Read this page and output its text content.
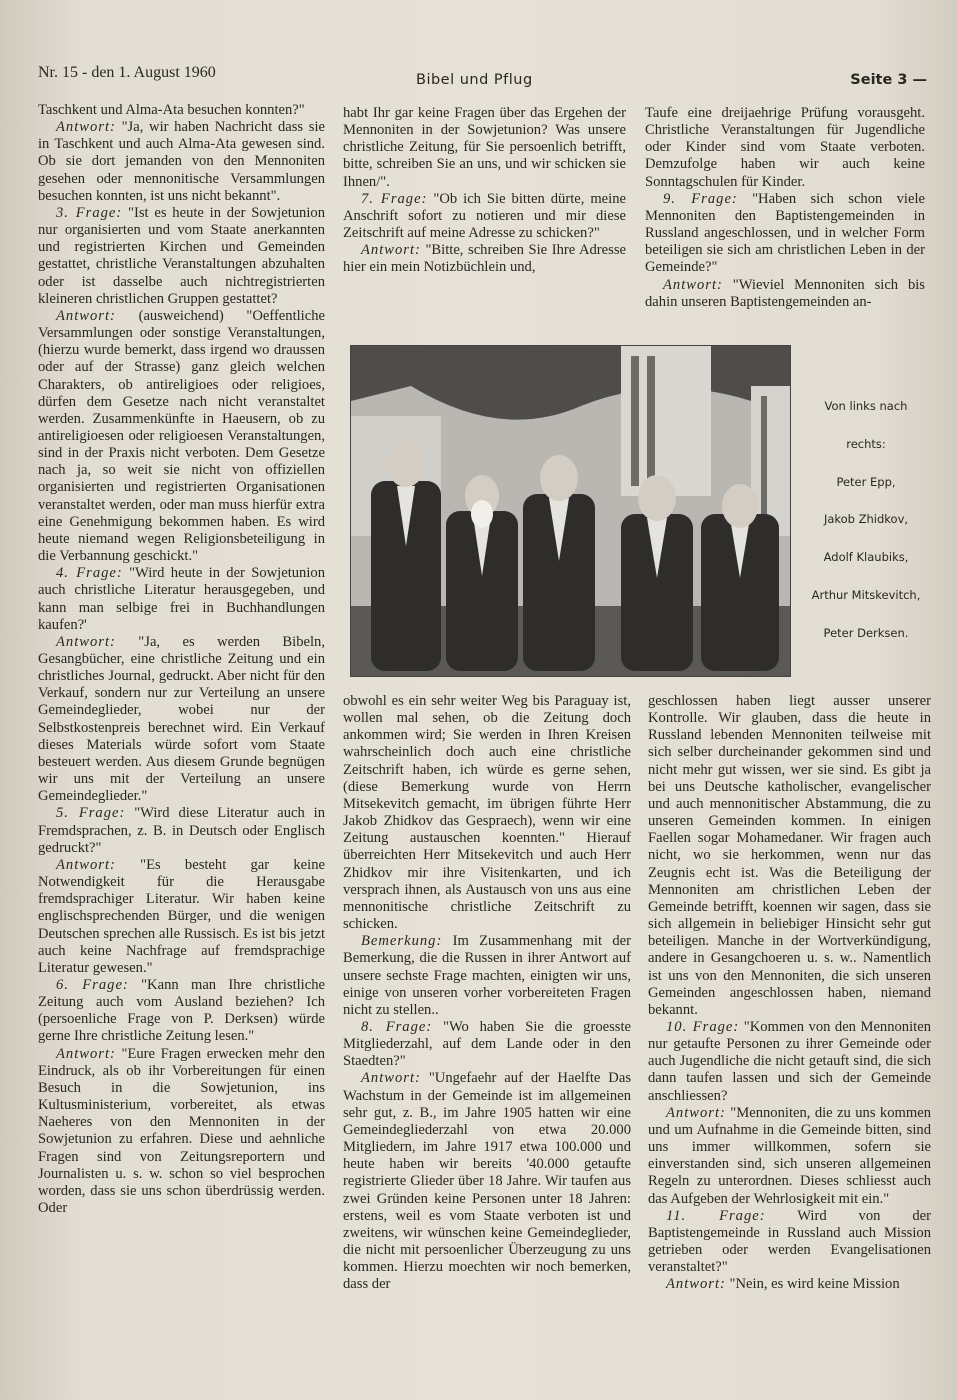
Nr. 15 - den 1. August 1960	Bibel und Pflug	Seite 3 —

Taschkent und Alma-Ata besuchen konnten?"

Antwort: "Ja, wir haben Nachricht dass sie in Taschkent und auch Alma-Ata gewesen sind. Ob sie dort jemanden von den Mennoniten gesehen oder mennonitische Versammlungen besuchen konnten, ist uns nicht bekannt".

3. Frage: "Ist es heute in der Sowjetunion nur organisierten und vom Staate anerkannten und registrierten Kirchen und Gemeinden gestattet, christliche Veranstaltungen abzuhalten oder ist dasselbe auch nichtregistrierten kleineren christlichen Gruppen gestattet?

Antwort: (ausweichend) "Oeffentliche Versammlungen oder sonstige Veranstaltungen, (hierzu wurde bemerkt, dass irgend wo draussen oder auf der Strasse) ganz gleich welchen Charakters, ob antireligioes oder religioes, dürfen dem Gesetze nach nicht veranstaltet werden. Zusammenkünfte in Haeusern, ob zu antireligioesen oder religioesen Veranstaltungen, sind in der Praxis nicht verboten. Dem Gesetze nach ja, so weit sie nicht von offiziellen organisierten und registrierten Organisationen veranstaltet werden, oder man muss hierfür extra eine Genehmigung bekommen haben. Es wird heute niemand wegen Religionsbeteiligung in die Verbannung geschickt."

4. Frage: "Wird heute in der Sowjetunion auch christliche Literatur herausgegeben, und kann man selbige frei in Buchhandlungen kaufen?'

Antwort: "Ja, es werden Bibeln, Gesangbücher, eine christliche Zeitung und ein christliches Journal, gedruckt. Aber nicht für den Verkauf, sondern nur zur Verteilung an unsere Gemeindeglieder, wobei nur der Selbstkostenpreis berechnet wird. Ein Verkauf dieses Materials würde sofort vom Staate besteuert werden. Aus diesem Grunde begnügen wir uns mit der Verteilung an unsere Gemeindeglieder."

5. Frage: "Wird diese Literatur auch in Fremdsprachen, z. B. in Deutsch oder Englisch gedruckt?"

Antwort: "Es besteht gar keine Notwendigkeit für die Herausgabe fremdsprachiger Literatur. Wir haben keine englischsprechenden Bürger, und die wenigen Deutschen sprechen alle Russisch. Es ist bis jetzt auch keine Nachfrage auf fremdsprachige Literatur gewesen."

6. Frage: "Kann man Ihre christliche Zeitung auch vom Ausland beziehen? Ich (persoenliche Frage von P. Derksen) würde gerne Ihre christliche Zeitung lesen."

Antwort: "Eure Fragen erwecken mehr den Eindruck, als ob ihr Vorbereitungen für einen Besuch in die Sowjetunion, ins Kultusministerium, vorbereitet, als etwas Naeheres von den Mennoniten in der Sowjetunion zu erfahren. Diese und aehnliche Fragen sind von Zeitungsreportern und Journalisten u. s. w. schon so viel besprochen worden, dass sie uns schon überdrüssig werden. Oder

habt Ihr gar keine Fragen über das Ergehen der Mennoniten in der Sowjetunion? Was unsere christliche Zeitung, für Sie persoenlich betrifft, bitte, schreiben Sie an uns, und wir schicken sie Ihnen/".

7. Frage: "Ob ich Sie bitten dürte, meine Anschrift sofort zu notieren und mir diese Zeitschrift auf meine Adresse zu schicken?"

Antwort: "Bitte, schreiben Sie Ihre Adresse hier ein mein Notizbüchlein und,

Taufe eine dreijaehrige Prüfung vorausgeht. Christliche Veranstaltungen für Jugendliche oder Kinder sind vom Staate verboten. Demzufolge haben wir auch keine Sonntagschulen für Kinder.

9. Frage: "Haben sich schon viele Mennoniten den Baptistengemeinden in Russland angeschlossen, und in welcher Form beteiligen sie sich am christlichen Leben in der Gemeinde?"

Antwort: "Wieviel Mennoniten sich bis dahin unseren Baptistengemeinden an-

Von links nach
rechts:
Peter Epp,
Jakob Zhidkov,
Adolf Klaubiks,
Arthur Mitskevitch,
Peter Derksen.

obwohl es ein sehr weiter Weg bis Paraguay ist, wollen mal sehen, ob die Zeitung doch ankommen wird; Sie werden in Ihren Kreisen wahrscheinlich doch auch eine christliche Zeitschrift haben, ich würde es gerne sehen, (diese Bemerkung wurde von Herrn Mitsekevitch gemacht, im übrigen führte Herr Jakob Zhidkov das Gespraech), wenn wir eine Zeitung austauschen koennten." Hierauf überreichten Herr Mitsekevitch und auch Herr Zhidkov mir ihre Visitenkarten, und ich versprach ihnen, als Austausch von uns aus eine mennonitische christliche Zeitschrift zu schicken.

Bemerkung: Im Zusammenhang mit der Bemerkung, die die Russen in ihrer Antwort auf unsere sechste Frage machten, einigten wir uns, einige von unseren vorher vorbereiteten Fragen nicht zu stellen..

8. Frage: "Wo haben Sie die groesste Mitgliederzahl, auf dem Lande oder in den Staedten?"

Antwort: "Ungefaehr auf der Haelfte Das Wachstum in der Gemeinde ist im allgemeinen sehr gut, z. B., im Jahre 1905 hatten wir eine Gemeindegliederzahl von etwa 20.000 Mitgliedern, im Jahre 1917 etwa 100.000 und heute haben wir bereits '40.000 getaufte registrierte Glieder über 18 Jahre. Wir taufen aus zwei Gründen keine Personen unter 18 Jahren: erstens, weil es vom Staate verboten ist und zweitens, wir wünschen keine Gemeindeglieder, die nicht mit persoenlicher Überzeugung zu uns kommen. Hierzu moechten wir noch bemerken, dass der

geschlossen haben liegt ausser unserer Kontrolle. Wir glauben, dass die heute in Russland lebenden Mennoniten teilweise mit sich selber durcheinander gekommen sind und nicht mehr gut wissen, wer sie sind. Es gibt ja bei uns Deutsche katholischer, evangelischer und auch mennonitischer Abstammung, die zu unseren Gemeinden kommen. In einigen Faellen sogar Mohamedaner. Wir fragen auch nicht, wo sie herkommen, wenn nur das Zeugnis echt ist. Was die Beteiligung der Mennoniten am christlichen Leben der Gemeinde betrifft, koennen wir sagen, dass sie sich allgemein in beliebiger Hinsicht sehr gut beteiligen. Manche in der Wortverkündigung, andere in Gesangchoeren u. s. w.. Namentlich ist uns von den Mennoniten, die sich unseren Gemeinden angeschlossen haben, niemand bekannt.

10. Frage: "Kommen von den Mennoniten nur getaufte Personen zu ihrer Gemeinde oder auch Jugendliche die nicht getauft sind, die sich dann taufen lassen und sich der Gemeinde anschliessen?

Antwort: "Mennoniten, die zu uns kommen und um Aufnahme in die Gemeinde bitten, sind uns immer willkommen, sofern sie einverstanden sind, sich unseren allgemeinen Regeln zu unterordnen. Dieses schliesst auch das Aufgeben der Wehrlosigkeit mit ein."

11. Frage: Wird von der Baptistengemeinde in Russland auch Mission getrieben oder werden Evangelisationen veranstaltet?"

Antwort: "Nein, es wird keine Mission
